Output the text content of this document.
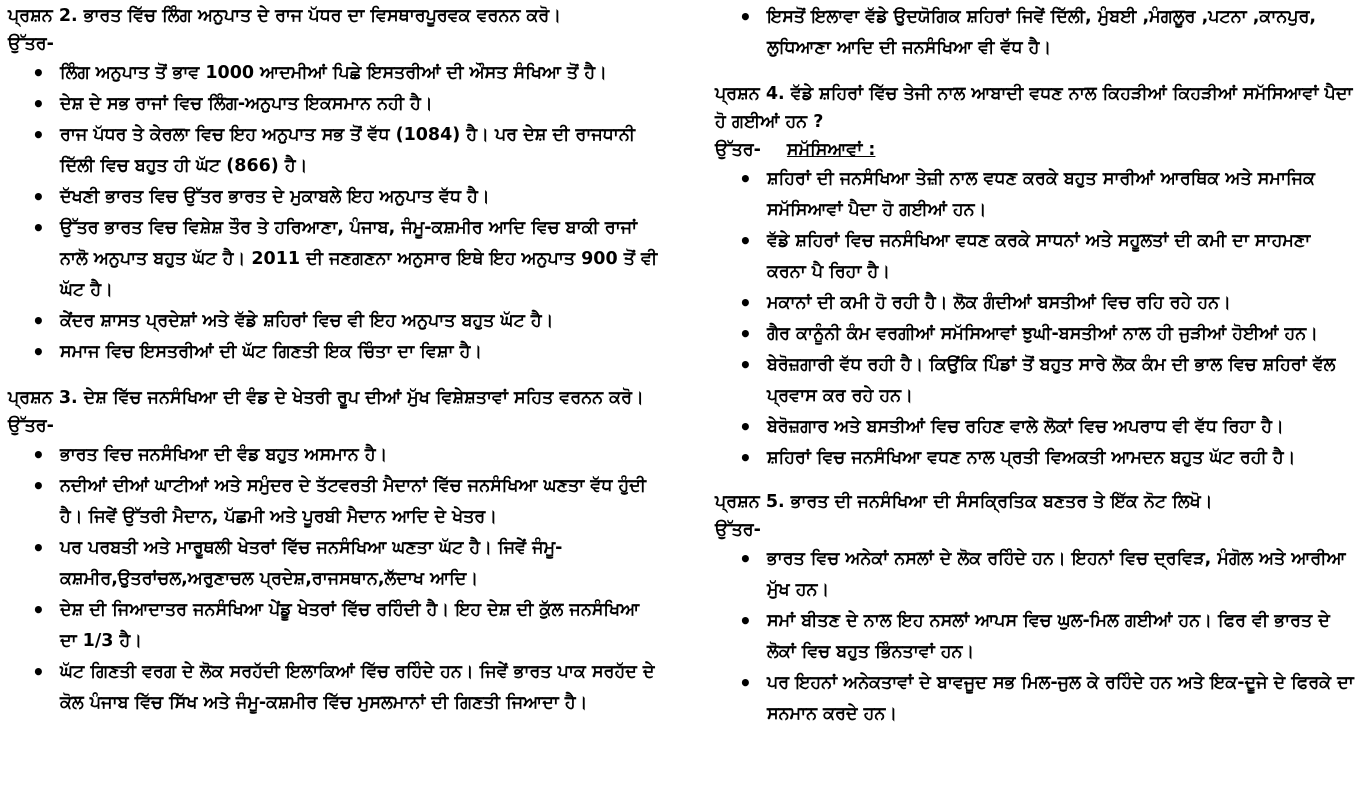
ਪ੍ਰਸ਼ਨ 2. ਭਾਰਤ ਵਿੱਚ ਲਿੰਗ ਅਨੁਪਾਤ ਦੇ ਰਾਜ ਪੱਧਰ ਦਾ ਵਿਸਥਾਰਪੂਰਵਕ ਵਰਨਨ ਕਰੋ।

ਉੱਤਰ-

• ਲਿੰਗ ਅਨੁਪਾਤ ਤੋਂ ਭਾਵ 1000 ਆਦਮੀਆਂ ਪਿਛੇ ਇਸਤਰੀਆਂ ਦੀ ਔਸਤ ਸੰਖਿਆ ਤੋਂ ਹੈ।
• ਦੇਸ਼ ਦੇ ਸਭ ਰਾਜਾਂ ਵਿਚ ਲਿੰਗ-ਅਨੁਪਾਤ ਇਕਸਮਾਨ ਨਹੀ ਹੈ।
• ਰਾਜ ਪੱਧਰ ਤੇ ਕੇਰਲਾ ਵਿਚ ਇਹ ਅਨੁਪਾਤ ਸਭ ਤੋਂ ਵੱਧ (1084) ਹੈ। ਪਰ ਦੇਸ਼ ਦੀ ਰਾਜਧਾਨੀ ਦਿੱਲੀ ਵਿਚ ਬਹੁਤ ਹੀ ਘੱਟ (866) ਹੈ।
• ਦੱਖਣੀ ਭਾਰਤ ਵਿਚ ਉੱਤਰ ਭਾਰਤ ਦੇ ਮੁਕਾਬਲੇ ਇਹ ਅਨੁਪਾਤ ਵੱਧ ਹੈ।
• ਉੱਤਰ ਭਾਰਤ ਵਿਚ ਵਿਸ਼ੇਸ਼ ਤੌਰ ਤੇ ਹਰਿਆਣਾ, ਪੰਜਾਬ, ਜੰਮੂ-ਕਸ਼ਮੀਰ ਆਦਿ ਵਿਚ ਬਾਕੀ ਰਾਜਾਂ ਨਾਲੋ ਅਨੁਪਾਤ ਬਹੁਤ ਘੱਟ ਹੈ। 2011 ਦੀ ਜਣਗਣਨਾ ਅਨੁਸਾਰ ਇਥੇ ਇਹ ਅਨੁਪਾਤ 900 ਤੋਂ ਵੀ ਘੱਟ ਹੈ।
• ਕੇਂਦਰ ਸ਼ਾਸਤ ਪ੍ਰਦੇਸ਼ਾਂ ਅਤੇ ਵੱਡੇ ਸ਼ਹਿਰਾਂ ਵਿਚ ਵੀ ਇਹ ਅਨੁਪਾਤ ਬਹੁਤ ਘੱਟ ਹੈ।
• ਸਮਾਜ ਵਿਚ ਇਸਤਰੀਆਂ ਦੀ ਘੱਟ ਗਿਣਤੀ ਇਕ ਚਿੰਤਾ ਦਾ ਵਿਸ਼ਾ ਹੈ।

ਪ੍ਰਸ਼ਨ 3. ਦੇਸ਼ ਵਿੱਚ ਜਨਸੰਖਿਆ ਦੀ ਵੰਡ ਦੇ ਖੇਤਰੀ ਰੂਪ ਦੀਆਂ ਮੁੱਖ ਵਿਸ਼ੇਸ਼ਤਾਵਾਂ ਸਹਿਤ ਵਰਨਨ ਕਰੋ।

ਉੱਤਰ-

• ਭਾਰਤ ਵਿਚ ਜਨਸੰਖਿਆ ਦੀ ਵੰਡ ਬਹੁਤ ਅਸਮਾਨ ਹੈ।
• ਨਦੀਆਂ ਦੀਆਂ ਘਾਟੀਆਂ ਅਤੇ ਸਮੁੰਦਰ ਦੇ ਤੱਟਵਰਤੀ ਮੈਦਾਨਾਂ ਵਿੱਚ ਜਨਸੰਖਿਆ ਘਣਤਾ ਵੱਧ ਹੁੰਦੀ ਹੈ। ਜਿਵੇਂ ਉੱਤਰੀ ਮੈਦਾਨ, ਪੱਛਮੀ ਅਤੇ ਪੂਰਬੀ ਮੈਦਾਨ ਆਦਿ ਦੇ ਖੇਤਰ।
• ਪਰ ਪਰਬਤੀ ਅਤੇ ਮਾਰੂਥਲੀ ਖੇਤਰਾਂ ਵਿੱਚ ਜਨਸੰਖਿਆ ਘਣਤਾ ਘੱਟ ਹੈ। ਜਿਵੇਂ ਜੰਮੂ-ਕਸ਼ਮੀਰ,ਉਤਰਾਂਚਲ,ਅਰੁਣਾਚਲ ਪ੍ਰਦੇਸ਼,ਰਾਜਸਥਾਨ,ਲੱਦਾਖ ਆਦਿ।
• ਦੇਸ਼ ਦੀ ਜਿਆਦਾਤਰ ਜਨਸੰਖਿਆ ਪੇਂਡੂ ਖੇਤਰਾਂ ਵਿੱਚ ਰਹਿੰਦੀ ਹੈ। ਇਹ ਦੇਸ਼ ਦੀ ਕੁੱਲ ਜਨਸੰਖਿਆ ਦਾ 1/3 ਹੈ।
• ਘੱਟ ਗਿਣਤੀ ਵਰਗ ਦੇ ਲੋਕ ਸਰਹੱਦੀ ਇਲਾਕਿਆਂ ਵਿੱਚ ਰਹਿੰਦੇ ਹਨ। ਜਿਵੇਂ ਭਾਰਤ ਪਾਕ ਸਰਹੱਦ ਦੇ ਕੋਲ ਪੰਜਾਬ ਵਿੱਚ ਸਿੱਖ ਅਤੇ ਜੰਮੂ-ਕਸ਼ਮੀਰ ਵਿੱਚ ਮੁਸਲਮਾਨਾਂ ਦੀ ਗਿਣਤੀ ਜਿਆਦਾ ਹੈ।
• ਇਸਤੋਂ ਇਲਾਵਾ ਵੱਡੇ ਉਦਯੋਗਿਕ ਸ਼ਹਿਰਾਂ ਜਿਵੇਂ ਦਿੱਲੀ, ਮੁੰਬਈ ,ਮੰਗਲੂਰ ,ਪਟਨਾ ,ਕਾਨਪੁਰ, ਲੁਧਿਆਣਾ ਆਦਿ ਦੀ ਜਨਸੰਖਿਆ ਵੀ ਵੱਧ ਹੈ।

ਪ੍ਰਸ਼ਨ 4. ਵੱਡੇ ਸ਼ਹਿਰਾਂ ਵਿੱਚ ਤੇਜੀ ਨਾਲ ਆਬਾਦੀ ਵਧਣ ਨਾਲ ਕਿਹੜੀਆਂ ਕਿਹੜੀਆਂ ਸਮੱਸਿਆਵਾਂ ਪੈਦਾ ਹੋ ਗਈਆਂ ਹਨ ?

ਉੱਤਰ- ਸਮੱਸਿਆਵਾਂ :

• ਸ਼ਹਿਰਾਂ ਦੀ ਜਨਸੰਖਿਆ ਤੇਜ਼ੀ ਨਾਲ ਵਧਣ ਕਰਕੇ ਬਹੁਤ ਸਾਰੀਆਂ ਆਰਥਿਕ ਅਤੇ ਸਮਾਜਿਕ ਸਮੱਸਿਆਵਾਂ ਪੈਦਾ ਹੋ ਗਈਆਂ ਹਨ।
• ਵੱਡੇ ਸ਼ਹਿਰਾਂ ਵਿਚ ਜਨਸੰਖਿਆ ਵਧਣ ਕਰਕੇ ਸਾਧਨਾਂ ਅਤੇ ਸਹੂਲਤਾਂ ਦੀ ਕਮੀ ਦਾ ਸਾਹਮਣਾ ਕਰਨਾ ਪੈ ਰਿਹਾ ਹੈ।
• ਮਕਾਨਾਂ ਦੀ ਕਮੀ ਹੋ ਰਹੀ ਹੈ। ਲੋਕ ਗੰਦੀਆਂ ਬਸਤੀਆਂ ਵਿਚ ਰਹਿ ਰਹੇ ਹਨ।
• ਗੈਰ ਕਾਨੂੰਨੀ ਕੰਮ ਵਰਗੀਆਂ ਸਮੱਸਿਆਵਾਂ ਝੁਘੀ-ਬਸਤੀਆਂ ਨਾਲ ਹੀ ਜੁੜੀਆਂ ਹੋਈਆਂ ਹਨ।
• ਬੇਰੋਜ਼ਗਾਰੀ ਵੱਧ ਰਹੀ ਹੈ। ਕਿਉਂਕਿ ਪਿੰਡਾਂ ਤੋਂ ਬਹੁਤ ਸਾਰੇ ਲੋਕ ਕੰਮ ਦੀ ਭਾਲ ਵਿਚ ਸ਼ਹਿਰਾਂ ਵੱਲ ਪ੍ਰਵਾਸ ਕਰ ਰਹੇ ਹਨ।
• ਬੇਰੋਜ਼ਗਾਰ ਅਤੇ ਬਸਤੀਆਂ ਵਿਚ ਰਹਿਣ ਵਾਲੇ ਲੋਕਾਂ ਵਿਚ ਅਪਰਾਧ ਵੀ ਵੱਧ ਰਿਹਾ ਹੈ।
• ਸ਼ਹਿਰਾਂ ਵਿਚ ਜਨਸੰਖਿਆ ਵਧਣ ਨਾਲ ਪ੍ਰਤੀ ਵਿਅਕਤੀ ਆਮਦਨ ਬਹੁਤ ਘੱਟ ਰਹੀ ਹੈ।

ਪ੍ਰਸ਼ਨ 5. ਭਾਰਤ ਦੀ ਜਨਸੰਖਿਆ ਦੀ ਸੰਸਕ੍ਰਿਤਿਕ ਬਣਤਰ ਤੇ ਇੱਕ ਨੋਟ ਲਿਖੋ।

ਉੱਤਰ-

• ਭਾਰਤ ਵਿਚ ਅਨੇਕਾਂ ਨਸਲਾਂ ਦੇ ਲੋਕ ਰਹਿੰਦੇ ਹਨ। ਇਹਨਾਂ ਵਿਚ ਦ੍ਰਵਿੜ, ਮੰਗੋਲ ਅਤੇ ਆਰੀਆ ਮੁੱਖ ਹਨ।
• ਸਮਾਂ ਬੀਤਣ ਦੇ ਨਾਲ ਇਹ ਨਸਲਾਂ ਆਪਸ ਵਿਚ ਘੁਲ-ਮਿਲ ਗਈਆਂ ਹਨ। ਫਿਰ ਵੀ ਭਾਰਤ ਦੇ ਲੋਕਾਂ ਵਿਚ ਬਹੁਤ ਭਿੰਨਤਾਵਾਂ ਹਨ।
• ਪਰ ਇਹਨਾਂ ਅਨੇਕਤਾਵਾਂ ਦੇ ਬਾਵਜੂਦ ਸਭ ਮਿਲ-ਜੁਲ ਕੇ ਰਹਿੰਦੇ ਹਨ ਅਤੇ ਇਕ-ਦੂਜੇ ਦੇ ਫਿਰਕੇ ਦਾ ਸਨਮਾਨ ਕਰਦੇ ਹਨ।
